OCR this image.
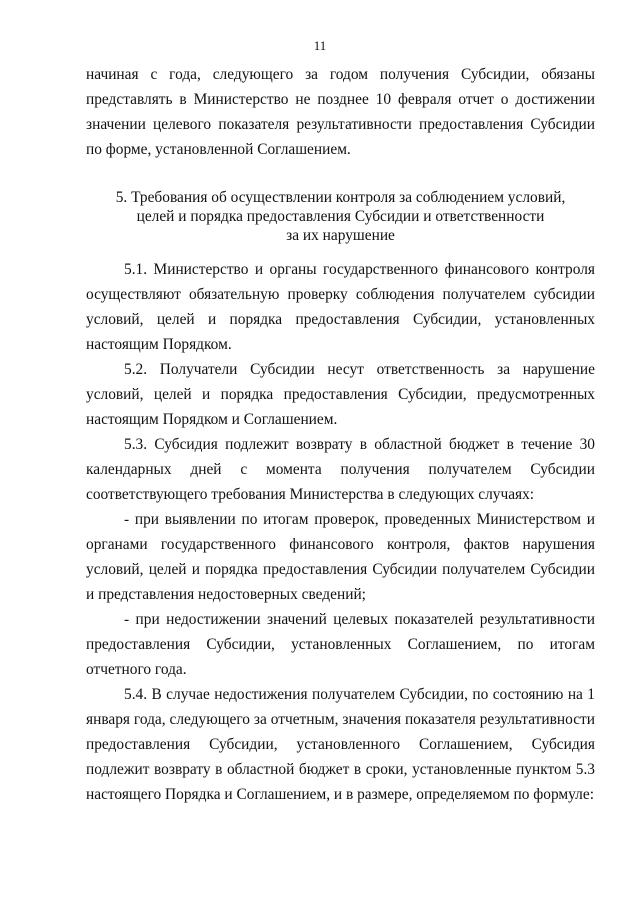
11

начиная с года, следующего за годом получения Субсидии, обязаны представлять в Министерство не позднее 10 февраля отчет о достижении значении целевого показателя результативности предоставления Субсидии по форме, установленной Соглашением.

5. Требования об осуществлении контроля за соблюдением условий,
целей и порядка предоставления Субсидии и ответственности
за их нарушение

5.1. Министерство и органы государственного финансового контроля осуществляют обязательную проверку соблюдения получателем субсидии условий, целей и порядка предоставления Субсидии, установленных настоящим Порядком.

5.2. Получатели Субсидии несут ответственность за нарушение условий, целей и порядка предоставления Субсидии, предусмотренных настоящим Порядком и Соглашением.

5.3. Субсидия подлежит возврату в областной бюджет в течение 30 календарных дней с момента получения получателем Субсидии соответствующего требования Министерства в следующих случаях:

- при выявлении по итогам проверок, проведенных Министерством и органами государственного финансового контроля, фактов нарушения условий, целей и порядка предоставления Субсидии получателем Субсидии и представления недостоверных сведений;

- при недостижении значений целевых показателей результативности предоставления Субсидии, установленных Соглашением, по итогам отчетного года.

5.4. В случае недостижения получателем Субсидии, по состоянию на 1 января года, следующего за отчетным, значения показателя результативности предоставления Субсидии, установленного Соглашением, Субсидия подлежит возврату в областной бюджет в сроки, установленные пунктом 5.3 настоящего Порядка и Соглашением, и в размере, определяемом по формуле:
